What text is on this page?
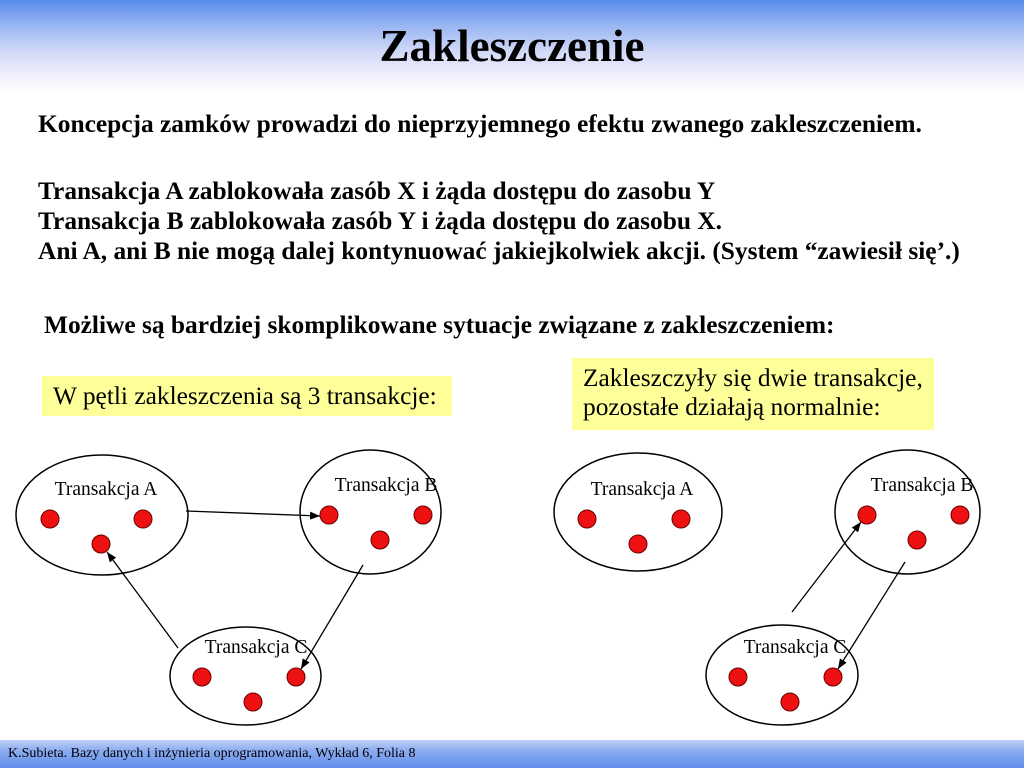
Transakcja A	Transakcja B
Transakcja C
Transakcja A	Transakcja B
Transakcja C
Zakleszczenie

Koncepcja zamków prowadzi do nieprzyjemnego efektu zwanego zakleszczeniem.

Transakcja A zablokowała zasób X i żąda dostępu do zasobu Y
Transakcja B zablokowała zasób Y i żąda dostępu do zasobu X.
Ani A, ani B nie mogą dalej kontynuować jakiejkolwiek akcji. (System “zawiesił się’.)

Możliwe są bardziej skomplikowane sytuacje związane z zakleszczeniem:

W pętli zakleszczenia są 3 transakcje:
Zakleszczyły się dwie transakcje,
pozostałe działają normalnie:
K.Subieta. Bazy danych i inżynieria oprogramowania, Wykład 6, Folia 8
